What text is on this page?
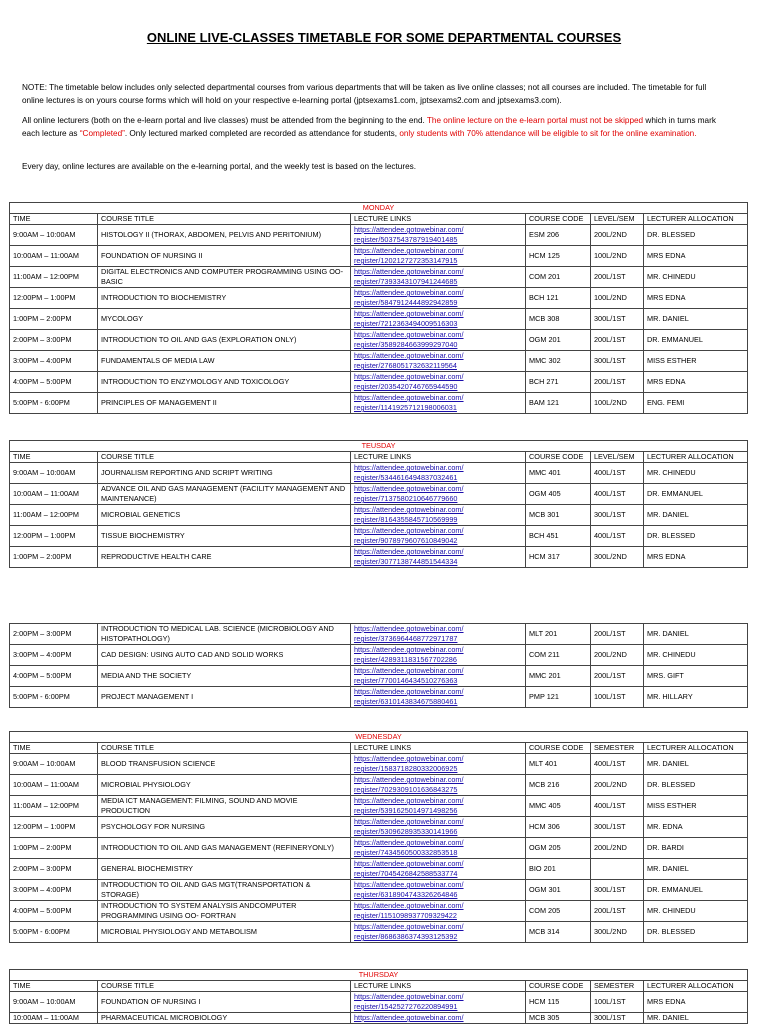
ONLINE LIVE-CLASSES TIMETABLE FOR SOME DEPARTMENTAL COURSES
NOTE: The timetable below includes only selected departmental courses from various departments that will be taken as live online classes; not all courses are included. The timetable for full online lectures is on yours course forms which will hold on your respective e-learning portal (jptsexams1.com, jptsexams2.com and jptsexams3.com).
All online lecturers (both on the e-learn portal and live classes) must be attended from the beginning to the end. The online lecture on the e-learn portal must not be skipped which in turns mark each lecture as “Completed”. Only lectured marked completed are recorded as attendance for students, only students with 70% attendance will be eligible to sit for the online examination.
Every day, online lectures are available on the e-learning portal, and the weekly test is based on the lectures.
MONDAY					
TIME	COURSE TITLE	LECTURE LINKS	COURSE CODE	LEVEL/SEM	LECTURER ALLOCATION
9:00AM – 10:00AM	HISTOLOGY II (THORAX, ABDOMEN, PELVIS AND PERITONIUM)	https://attendee.gotowebinar.com/
register/5037543787919401485	ESM 206	200L/2ND	DR. BLESSED
10:00AM – 11:00AM	FOUNDATION OF NURSING II	https://attendee.gotowebinar.com/
register/1202127272353147915	HCM 125	100L/2ND	MRS EDNA
11:00AM – 12:00PM	DIGITAL ELECTRONICS AND COMPUTER PROGRAMMING USING OO-BASIC	https://attendee.gotowebinar.com/
register/7393343107941244685	COM 201	200L/1ST	MR. CHINEDU
12:00PM – 1:00PM	INTRODUCTION TO BIOCHEMISTRY	https://attendee.gotowebinar.com/
register/5847912444892942859	BCH 121	100L/2ND	MRS EDNA
1:00PM – 2:00PM	MYCOLOGY	https://attendee.gotowebinar.com/
register/7212363494009516303	MCB 308	300L/1ST	MR. DANIEL
2:00PM – 3:00PM	INTRODUCTION TO OIL AND GAS (EXPLORATION ONLY)	https://attendee.gotowebinar.com/
register/3589284663999297040	OGM 201	200L/1ST	DR. EMMANUEL
3:00PM – 4:00PM	FUNDAMENTALS OF MEDIA LAW	https://attendee.gotowebinar.com/
register/2768051732632119564	MMC 302	300L/1ST	MISS ESTHER
4:00PM – 5:00PM	INTRODUCTION TO ENZYMOLOGY AND TOXICOLOGY	https://attendee.gotowebinar.com/
register/2035420746765944590	BCH 271	200L/1ST	MRS EDNA
5:00PM - 6:00PM	PRINCIPLES OF MANAGEMENT II	https://attendee.gotowebinar.com/
register/1141925712198006031	BAM 121	100L/2ND	ENG. FEMI
TEUSDAY					
TIME	COURSE TITLE	LECTURE LINKS	COURSE CODE	LEVEL/SEM	LECTURER ALLOCATION
9:00AM – 10:00AM	JOURNALISM REPORTING AND SCRIPT WRITING	https://attendee.gotowebinar.com/
register/5344616494837032461	MMC 401	400L/1ST	MR. CHINEDU
10:00AM – 11:00AM	ADVANCE OIL AND GAS MANAGEMENT (FACILITY MANAGEMENT AND MAINTENANCE)	https://attendee.gotowebinar.com/
register/7137580210646779660	OGM 405	400L/1ST	DR. EMMANUEL
11:00AM – 12:00PM	MICROBIAL GENETICS	https://attendee.gotowebinar.com/
register/8164355845710569999	MCB 301	300L/1ST	MR. DANIEL
12:00PM – 1:00PM	TISSUE BIOCHEMISTRY	https://attendee.gotowebinar.com/
register/9078979607610849042	BCH 451	400L/1ST	DR. BLESSED
1:00PM – 2:00PM	REPRODUCTIVE HEALTH CARE	https://attendee.gotowebinar.com/
register/3077138744851544334	HCM 317	300L/2ND	MRS EDNA
2:00PM – 3:00PM	INTRODUCTION TO MEDICAL LAB. SCIENCE (MICROBIOLOGY AND HISTOPATHOLOGY)	https://attendee.gotowebinar.com/
register/3736964468772971787	MLT 201	200L/1ST	MR. DANIEL
3:00PM – 4:00PM	CAD DESIGN: USING AUTO CAD AND SOLID WORKS	https://attendee.gotowebinar.com/
register/4289311831567702286	COM 211	200L/2ND	MR. CHINEDU
4:00PM – 5:00PM	MEDIA AND THE SOCIETY	https://attendee.gotowebinar.com/
register/7700146434510276363	MMC 201	200L/1ST	MRS. GIFT
5:00PM - 6:00PM	PROJECT MANAGEMENT I	https://attendee.gotowebinar.com/
register/6310143834675880461	PMP 121	100L/1ST	MR. HILLARY
WEDNESDAY					
TIME	COURSE TITLE	LECTURE LINKS	COURSE CODE	SEMESTER	LECTURER ALLOCATION
9:00AM – 10:00AM	BLOOD TRANSFUSION SCIENCE	https://attendee.gotowebinar.com/
register/1583718280332006925	MLT 401	400L/1ST	MR. DANIEL
10:00AM – 11:00AM	MICROBIAL PHYSIOLOGY	https://attendee.gotowebinar.com/
register/7029309101636843275	MCB 216	200L/2ND	DR. BLESSED
11:00AM – 12:00PM	MEDIA ICT MANAGEMENT: FILMING, SOUND AND MOVIE PRODUCTION	https://attendee.gotowebinar.com/
register/5391625014971498256	MMC 405	400L/1ST	MISS ESTHER
12:00PM – 1:00PM	PSYCHOLOGY FOR NURSING	https://attendee.gotowebinar.com/
register/5309628935330141966	HCM 306	300L/1ST	MR. EDNA
1:00PM – 2:00PM	INTRODUCTION TO OIL AND GAS MANAGEMENT (REFINERYONLY)	https://attendee.gotowebinar.com/
register/7434560500332853518	OGM 205	200L/2ND	DR. BARDI
2:00PM – 3:00PM	GENERAL BIOCHEMISTRY	https://attendee.gotowebinar.com/
register/7045426842588533774	BIO 201		MR. DANIEL
3:00PM – 4:00PM	INTRODUCTION TO OIL AND GAS MGT(TRANSPORTATION & STORAGE)	https://attendee.gotowebinar.com/
register/6318904743326264846	OGM 301	300L/1ST	DR. EMMANUEL
4:00PM – 5:00PM	INTRODUCTION TO SYSTEM ANALYSIS ANDCOMPUTER PROGRAMMING USING OO- FORTRAN	https://attendee.gotowebinar.com/
register/1151098937709329422	COM 205	200L/1ST	MR. CHINEDU
5:00PM - 6:00PM	MICROBIAL PHYSIOLOGY AND METABOLISM	https://attendee.gotowebinar.com/
register/8686386374393125392	MCB 314	300L/2ND	DR. BLESSED
THURSDAY					
TIME	COURSE TITLE	LECTURE LINKS	COURSE CODE	SEMESTER	LECTURER ALLOCATION
9:00AM – 10:00AM	FOUNDATION OF NURSING I	https://attendee.gotowebinar.com/
register/1542527276220894991	HCM 115	100L/1ST	MRS EDNA
10:00AM – 11:00AM	PHARMACEUTICAL MICROBIOLOGY	https://attendee.gotowebinar.com/	MCB 305	300L/1ST	MR. DANIEL
